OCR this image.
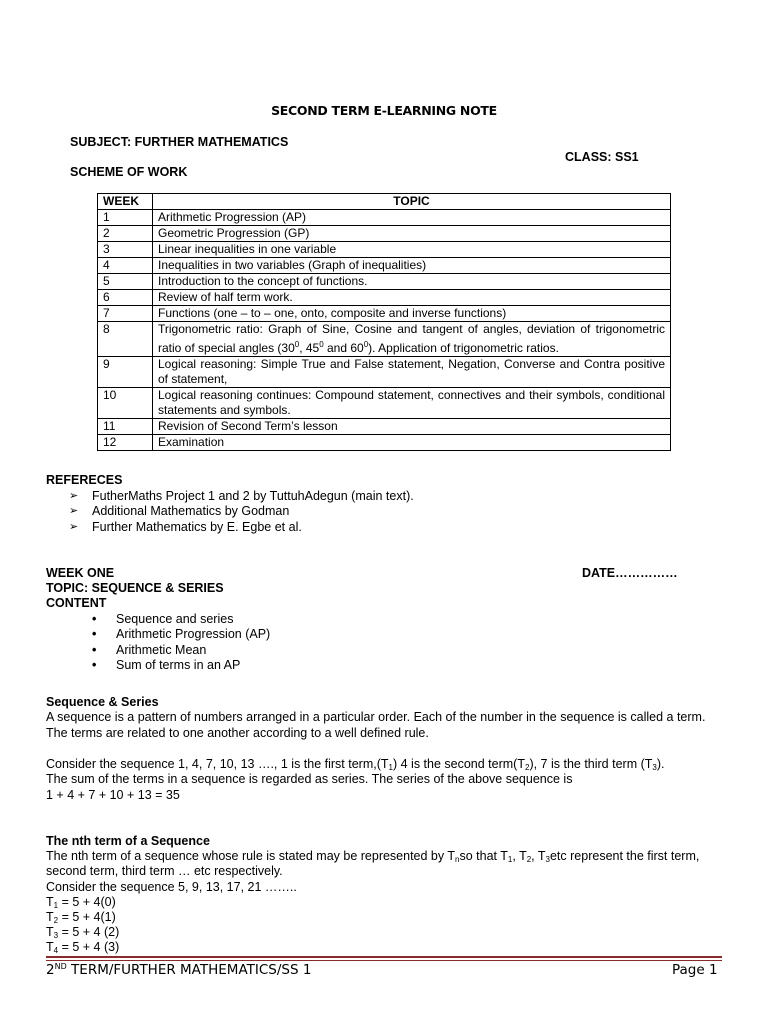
SECOND TERM E-LEARNING NOTE
SUBJECT: FURTHER MATHEMATICS
CLASS: SS1
SCHEME OF WORK
WEEK	TOPIC
1	Arithmetic Progression (AP)
2	Geometric Progression (GP)
3	Linear inequalities in one variable
4	Inequalities in two variables (Graph of inequalities)
5	Introduction to the concept of functions.
6	Review of half term work.
7	Functions (one – to – one, onto, composite and inverse functions)
8	Trigonometric ratio: Graph of Sine, Cosine and tangent of angles, deviation of trigonometric ratio of special angles ($30^0$, $45^0$ and $60^0$). Application of trigonometric ratios.
9	Logical reasoning: Simple True and False statement, Negation, Converse and Contra positive of statement,
10	Logical reasoning continues: Compound statement, connectives and their symbols, conditional statements and symbols.
11	Revision of Second Term’s lesson
12	Examination
REFERECES
➢ FutherMaths Project 1 and 2 by TuttuhAdegun (main text).
➢ Additional Mathematics by Godman
➢ Further Mathematics by E. Egbe et al.
WEEK ONE	DATE……………
TOPIC: SEQUENCE & SERIES
CONTENT
• Sequence and series
• Arithmetic Progression (AP)
• Arithmetic Mean
• Sum of terms in an AP
Sequence & Series
A sequence is a pattern of numbers arranged in a particular order. Each of the number in the sequence is called a term. The terms are related to one another according to a well defined rule.
Consider the sequence 1, 4, 7, 10, 13 …., 1 is the first $term,(T_1)$ 4 is the second $term(T_2)$, 7 is the third term $(T_3)$.
The sum of the terms in a sequence is regarded as series. The series of the above sequence is
1 + 4 + 7 + 10 + 13 = 35
The nth term of a Sequence
The nth term of a sequence whose rule is stated may be represented by $T_nso$ that $T_1$, $T_2$, $T_3etc$ represent the first term,
second term, third term … etc respectively.
Consider the sequence 5, 9, 13, 17, 21 ……..
$T_1 = 5 + 4(0)$
$T_2 = 5 + 4(1)$
$T_3 = 5 + 4$ (2)
$T_4 = 5 + 4$ (3)
2ND TERM/FURTHER MATHEMATICS/SS 1	Page 1
